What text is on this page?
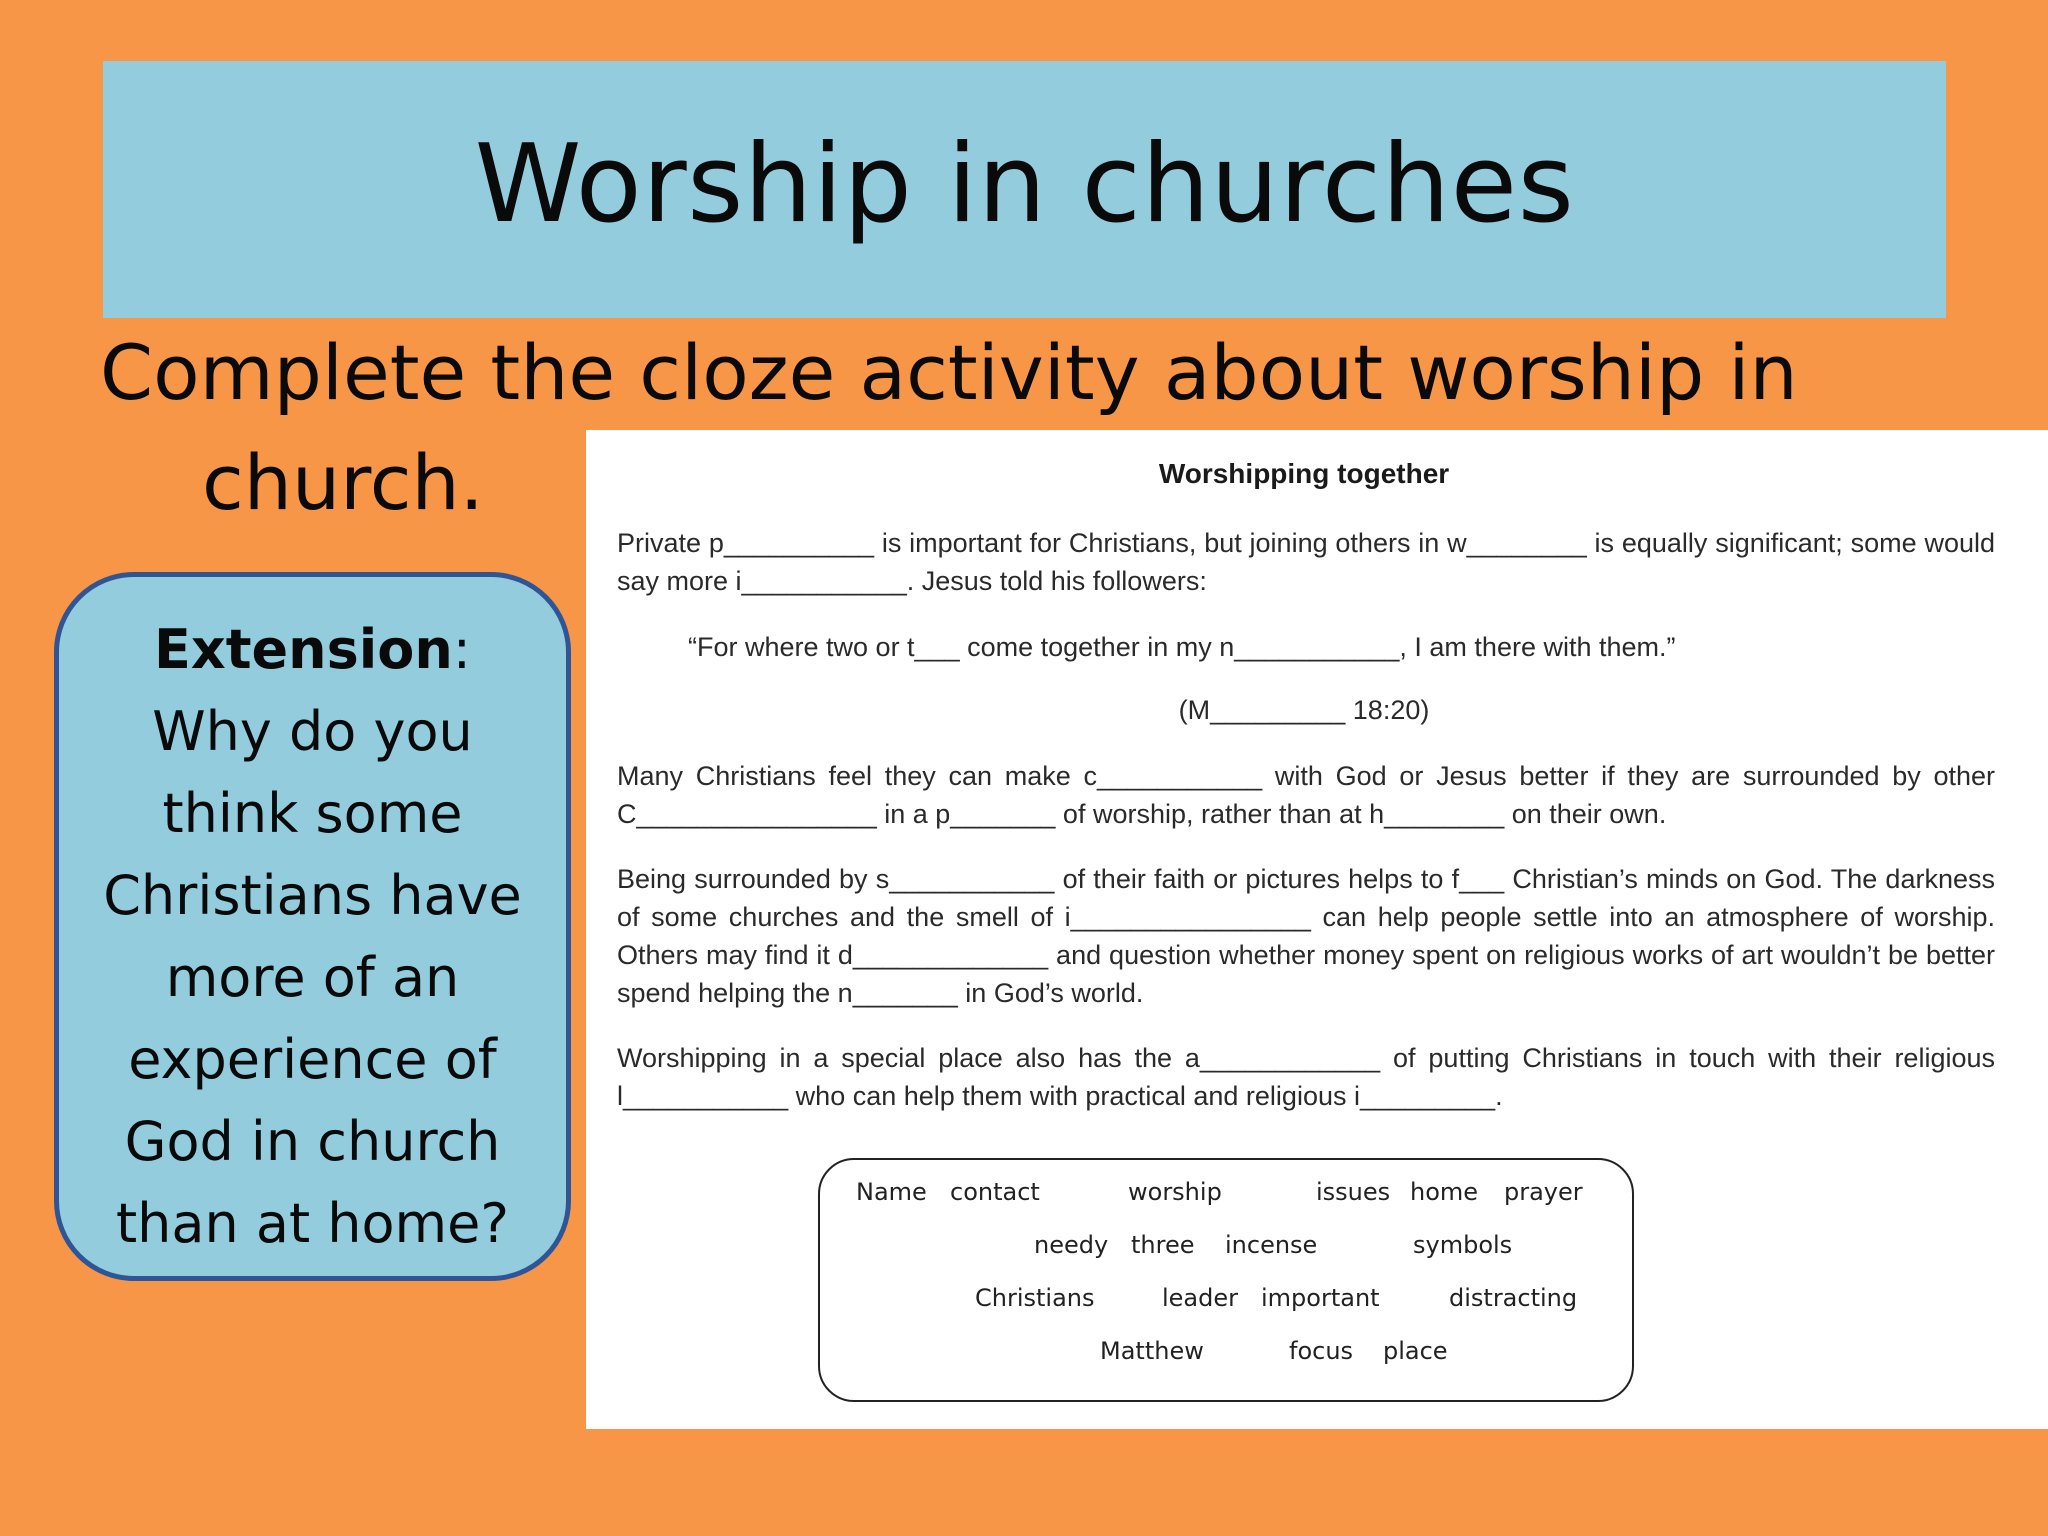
Worship in churches
Complete the cloze activity about worship in
church.
Extension:
Why do you
think some
Christians have
more of an
experience of
God in church
than at home?
Worshipping together
Private p__________ is important for Christians, but joining others in w________ is equally significant; some would say more i___________. Jesus told his followers:
“For where two or t___ come together in my n___________, I am there with them.”
(M_________ 18:20)
Many Christians feel they can make c___________ with God or Jesus better if they are surrounded by other C________________ in a p_______ of worship, rather than at h________ on their own.
Being surrounded by s___________ of their faith or pictures helps to f___ Christian’s minds on God. The darkness of some churches and the smell of i________________ can help people settle into an atmosphere of worship. Others may find it d_____________ and question whether money spent on religious works of art wouldn’t be better spend helping the n_______ in God’s world.
Worshipping in a special place also has the a____________ of putting Christians in touch with their religious l___________ who can help them with practical and religious i_________.
Name contact	worship	issues home prayer
needy three incense	symbols
Christians	leader important	distracting
Matthew	focus place
